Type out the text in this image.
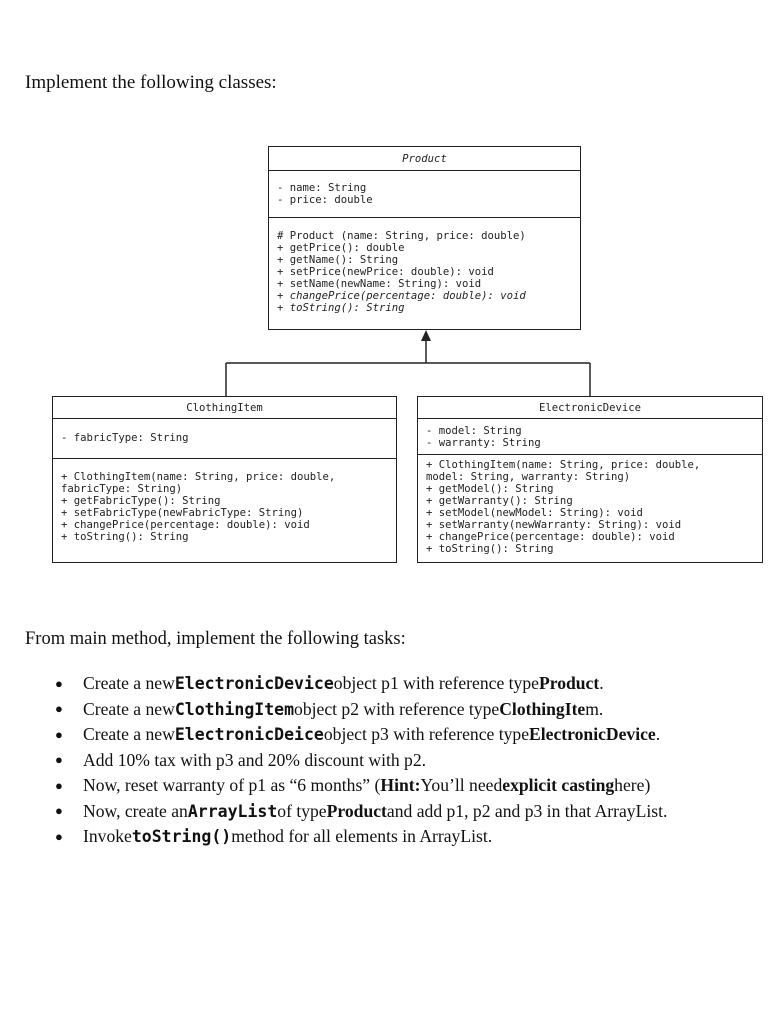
Implement the following classes:

Product
- name: String
- price: double
# Product (name: String, price: double)
+ getPrice(): double
+ getName(): String
+ setPrice(newPrice: double): void
+ setName(newName: String): void
+ changePrice(percentage: double): void
+ toString(): String
ClothingItem
- fabricType: String
+ ClothingItem(name: String, price: double,
fabricType: String)
+ getFabricType(): String
+ setFabricType(newFabricType: String)
+ changePrice(percentage: double): void
+ toString(): String
ElectronicDevice
- model: String
- warranty: String
+ ClothingItem(name: String, price: double,
model: String, warranty: String)
+ getModel(): String
+ getWarranty(): String
+ setModel(newModel: String): void
+ setWarranty(newWarranty: String): void
+ changePrice(percentage: double): void
+ toString(): String

From main method, implement the following tasks:

●	Create a new ElectronicDevice object p1 with reference type Product .
●	Create a new ClothingItem object p2 with reference type ClothingIte m.
●	Create a new ElectronicDeice object p3 with reference type ElectronicDevice .
●	Add 10% tax with p3 and 20% discount with p2.
●	Now, reset warranty of p1 as “6 months” ( Hint: You’ll need explicit casting here)
●	Now, create an ArrayList of type Product and add p1, p2 and p3 in that ArrayList.
●	Invoke toString() method for all elements in ArrayList.
